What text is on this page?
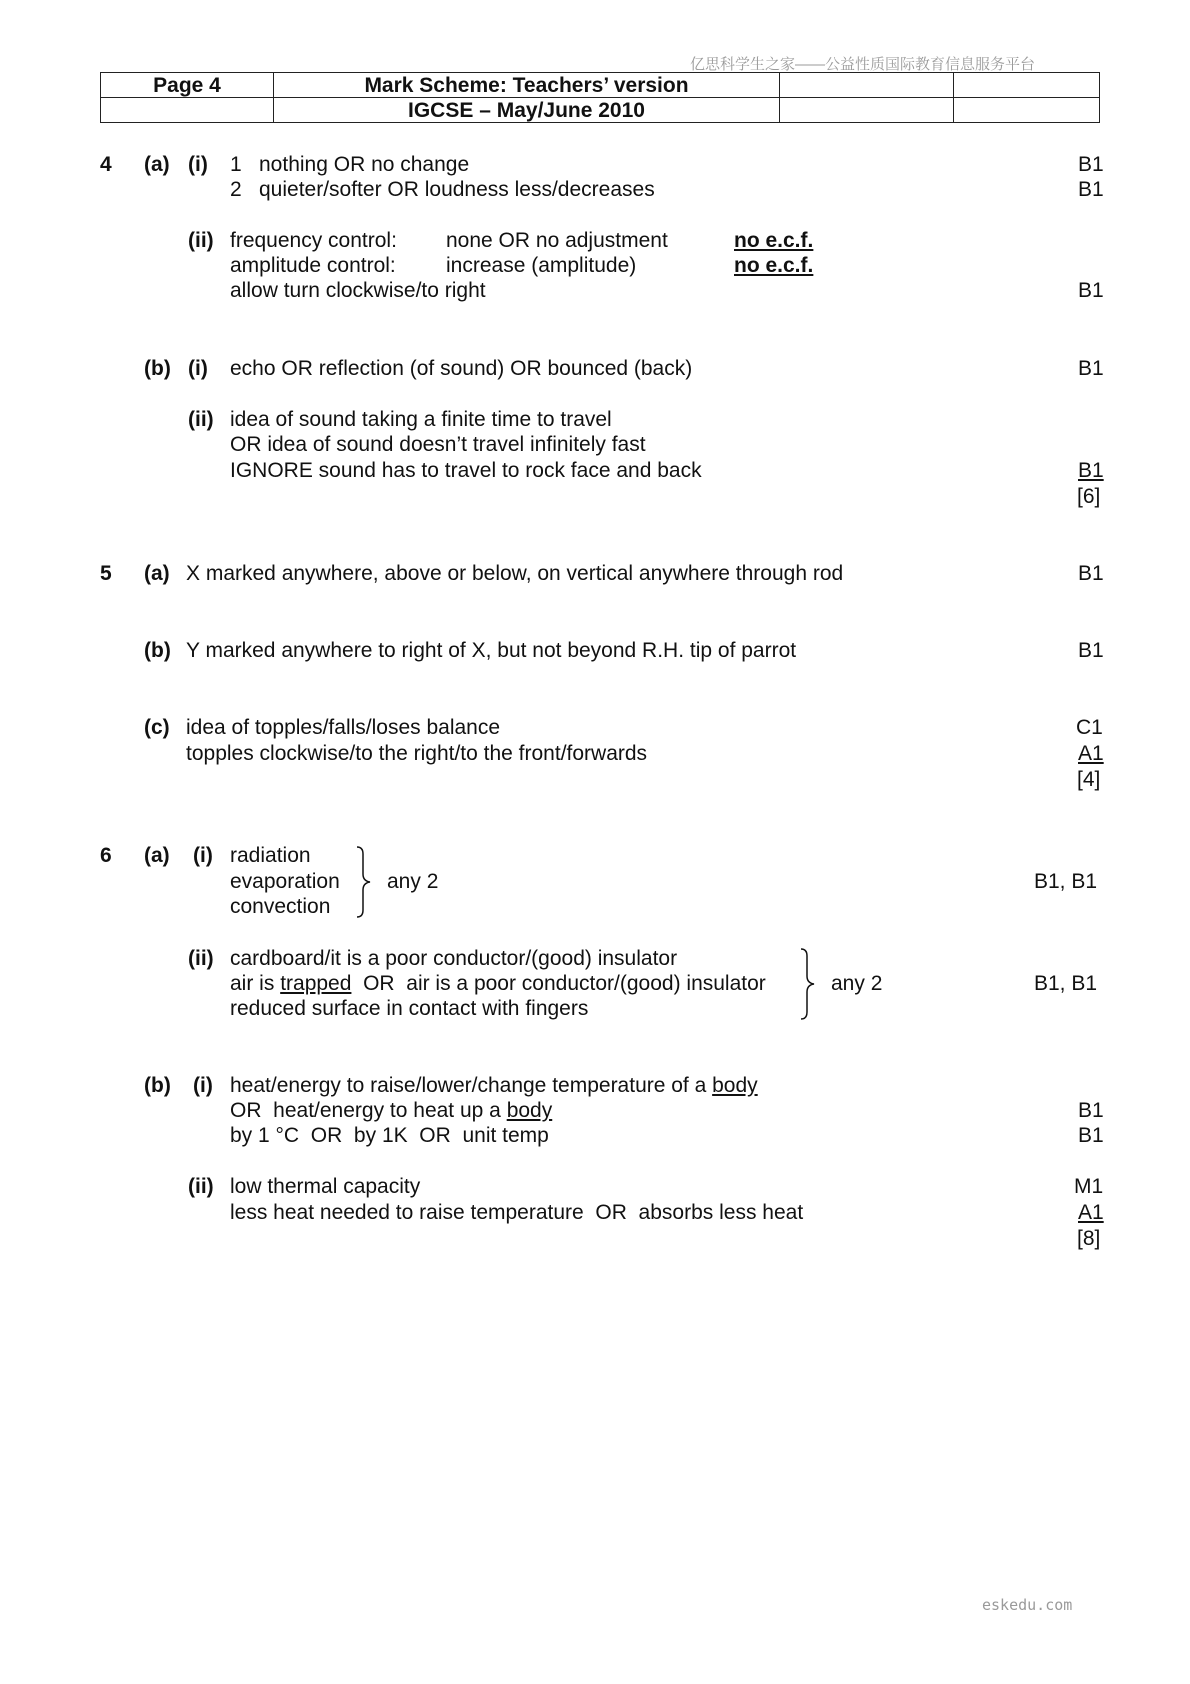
亿思科学生之家——公益性质国际教育信息服务平台
eskedu.com
Page 4	Mark Scheme: Teachers’ version		
	IGCSE – May/June 2010		
4 (a) (i) 1 nothing OR no change	B1
2 quieter/softer OR loudness less/decreases	B1
(ii) frequency control: none OR no adjustment	no e.c.f.
amplitude control: increase (amplitude)	no e.c.f.
allow turn clockwise/to right	B1
(b) (i) echo OR reflection (of sound) OR bounced (back)	B1
(ii) idea of sound taking a finite time to travel
OR idea of sound doesn’t travel infinitely fast
IGNORE sound has to travel to rock face and back	B1
[6]
5 (a) X marked anywhere, above or below, on vertical anywhere through rod	B1
(b) Y marked anywhere to right of X, but not beyond R.H. tip of parrot	B1
(c) idea of topples/falls/loses balance	C1
topples clockwise/to the right/to the front/forwards	A1
[4]
6 (a) (i) radiation
evaporation
convection
any 2	B1, B1
(ii) cardboard/it is a poor conductor/(good) insulator
air is trapped  OR  air is a poor conductor/(good) insulator
reduced surface in contact with fingers
any 2	B1, B1
(b) (i) heat/energy to raise/lower/change temperature of a body
OR  heat/energy to heat up a body	B1
by 1 °C  OR  by 1K  OR  unit temp	B1
(ii) low thermal capacity	M1
less heat needed to raise temperature  OR  absorbs less heat	A1
[8]
